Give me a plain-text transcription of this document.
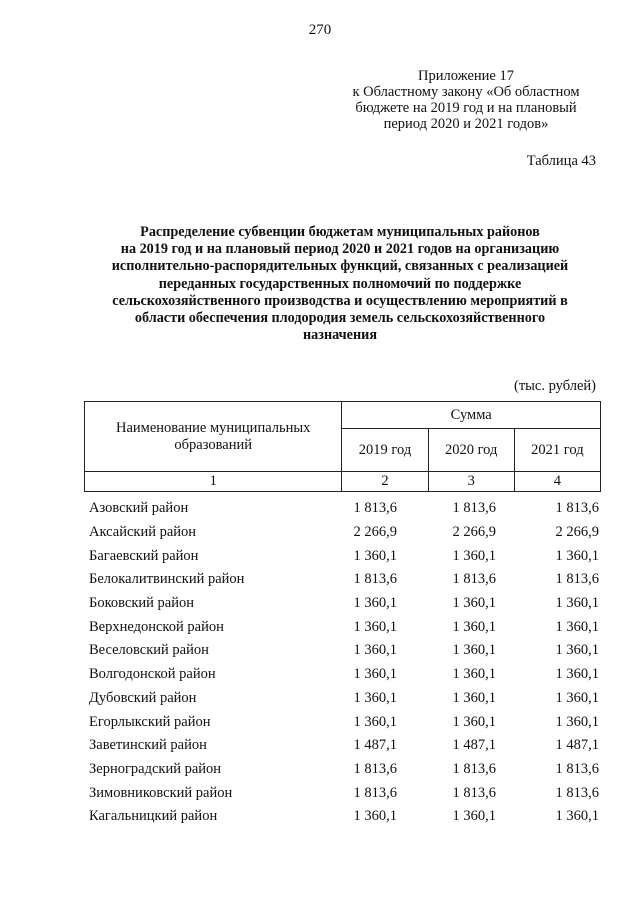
270
Приложение 17
к Областному закону «Об областном
бюджете на 2019 год и на плановый
период 2020 и 2021 годов»
Таблица 43
Распределение субвенции бюджетам муниципальных районов
на 2019 год и на плановый период 2020 и 2021 годов на организацию
исполнительно-распорядительных функций, связанных с реализацией
переданных государственных полномочий по поддержке
сельскохозяйственного производства и осуществлению мероприятий в
области обеспечения плодородия земель сельскохозяйственного
назначения
(тыс. рублей)
Наименование муниципальных образований	Сумма		
	2019 год	2020 год	2021 год
1	2	3	4
Азовский район	1 813,6	1 813,6	1 813,6
Аксайский район	2 266,9	2 266,9	2 266,9
Багаевский район	1 360,1	1 360,1	1 360,1
Белокалитвинский район	1 813,6	1 813,6	1 813,6
Боковский район	1 360,1	1 360,1	1 360,1
Верхнедонской район	1 360,1	1 360,1	1 360,1
Веселовский район	1 360,1	1 360,1	1 360,1
Волгодонской район	1 360,1	1 360,1	1 360,1
Дубовский район	1 360,1	1 360,1	1 360,1
Егорлыкский район	1 360,1	1 360,1	1 360,1
Заветинский район	1 487,1	1 487,1	1 487,1
Зерноградский район	1 813,6	1 813,6	1 813,6
Зимовниковский район	1 813,6	1 813,6	1 813,6
Кагальницкий район	1 360,1	1 360,1	1 360,1
